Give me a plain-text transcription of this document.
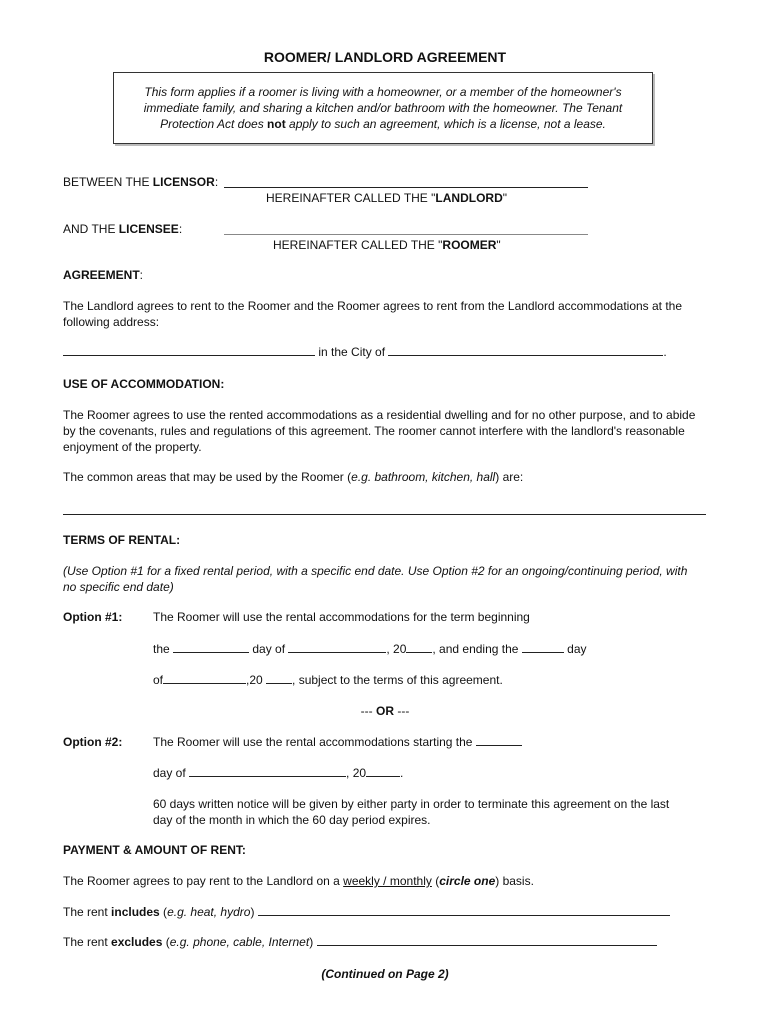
ROOMER/ LANDLORD AGREEMENT
This form applies if a roomer is living with a homeowner, or a member of the homeowner's
immediate family, and sharing a kitchen and/or bathroom with the homeowner. The Tenant
Protection Act does not apply to such an agreement, which is a license, not a lease.
BETWEEN THE LICENSOR:
HEREINAFTER CALLED THE "LANDLORD"
AND THE LICENSEE:
HEREINAFTER CALLED THE "ROOMER"
AGREEMENT:
The Landlord agrees to rent to the Roomer and the Roomer agrees to rent from the Landlord accommodations at the
following address:
in the City of	.
USE OF ACCOMMODATION:
The Roomer agrees to use the rented accommodations as a residential dwelling and for no other purpose, and to abide
by the covenants, rules and regulations of this agreement. The roomer cannot interfere with the landlord's reasonable
enjoyment of the property.
The common areas that may be used by the Roomer (e.g. bathroom, kitchen, hall) are:
TERMS OF RENTAL:
(Use Option #1 for a fixed rental period, with a specific end date. Use Option #2 for an ongoing/continuing period, with
no specific end date)
Option #1:	The Roomer will use the rental accommodations for the term beginning
the	day of	, 20 , and ending the	day
of	,20 , subject to the terms of this agreement.
--- OR ---
Option #2:	The Roomer will use the rental accommodations starting the
day of	, 20	.
60 days written notice will be given by either party in order to terminate this agreement on the last
day of the month in which the 60 day period expires.
PAYMENT & AMOUNT OF RENT:
The Roomer agrees to pay rent to the Landlord on a weekly / monthly (circle one) basis.
The rent includes (e.g. heat, hydro)
The rent excludes (e.g. phone, cable, Internet)
(Continued on Page 2)
